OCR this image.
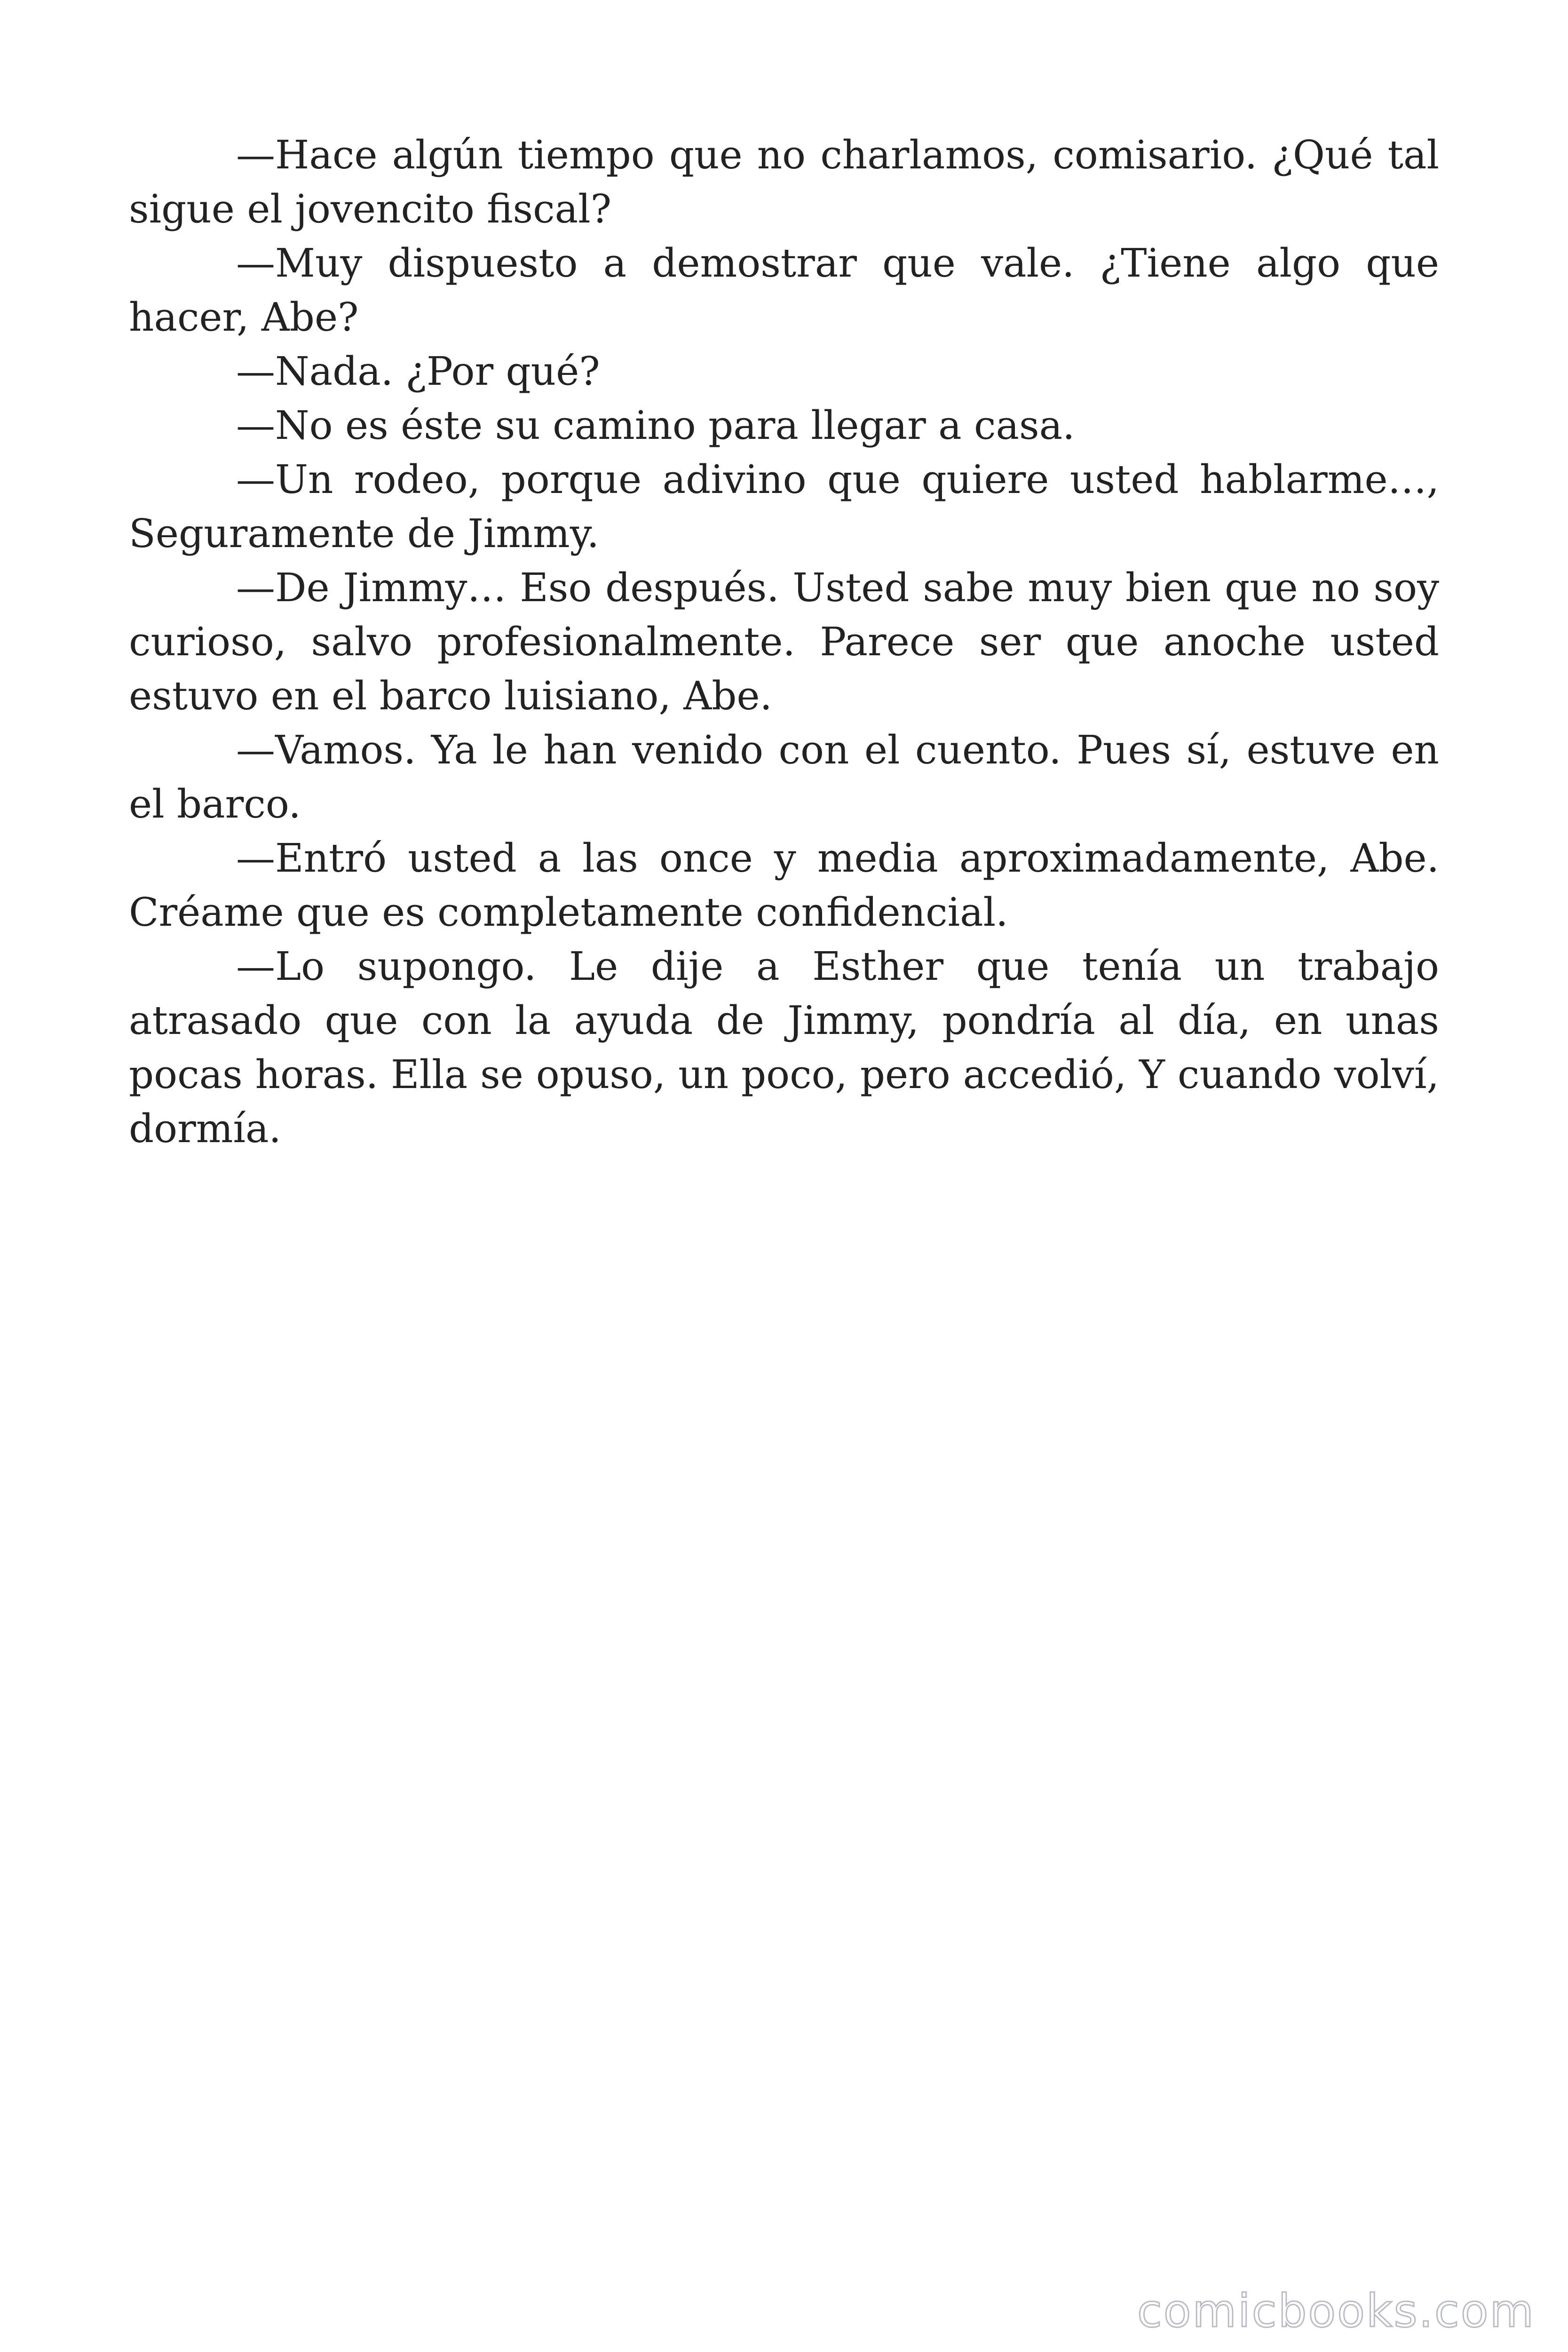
—Hace algún tiempo que no charlamos, comisario. ¿Qué tal sigue el jovencito fiscal?

—Muy dispuesto a demostrar que vale. ¿Tiene algo que hacer, Abe?

—Nada. ¿Por qué?

—No es éste su camino para llegar a casa.

—Un rodeo, porque adivino que quiere usted hablarme…, Seguramente de Jimmy.

—De Jimmy… Eso después. Usted sabe muy bien que no soy curioso, salvo profesionalmente. Parece ser que anoche usted estuvo en el barco luisiano, Abe.

—Vamos. Ya le han venido con el cuento. Pues sí, estuve en el barco.

—Entró usted a las once y media aproximadamente, Abe. Créame que es completamente confidencial.

—Lo supongo. Le dije a Esther que tenía un trabajo atrasado que con la ayuda de Jimmy, pondría al día, en unas pocas horas. Ella se opuso, un poco, pero accedió, Y cuando volví, dormía.

comicbooks.com
